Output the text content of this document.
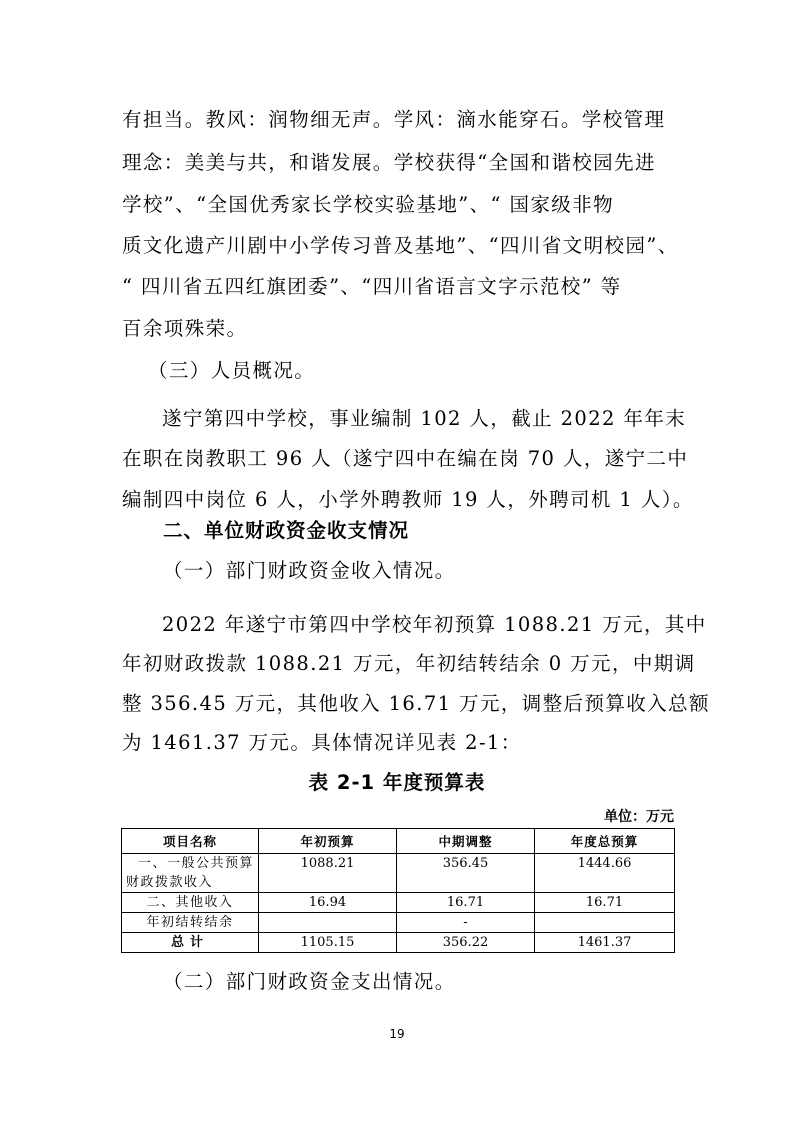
有担当。教风：润物细无声。学风：滴水能穿石。学校管理
理念：美美与共，和谐发展。学校获得“全国和谐校园先进
学校”、“全国优秀家长学校实验基地”、“ 国家级非物
质文化遗产川剧中小学传习普及基地”、“四川省文明校园”、
“ 四川省五四红旗团委”、“四川省语言文字示范校” 等
百余项殊荣。
（三）人员概况。
遂宁第四中学校，事业编制 102 人，截止 2022 年年末
在职在岗教职工 96 人（遂宁四中在编在岗 70 人，遂宁二中
编制四中岗位 6 人，小学外聘教师 19 人，外聘司机 1 人）。
二、单位财政资金收支情况
（一）部门财政资金收入情况。
2022 年遂宁市第四中学校年初预算 1088.21 万元，其中
年初财政拨款 1088.21 万元，年初结转结余 0 万元，中期调
整 356.45 万元，其他收入 16.71 万元，调整后预算收入总额
为 1461.37 万元。具体情况详见表 2-1：
表 2-1 年度预算表
单位：万元
项目名称	年初预算	中期调整	年度总预算

一、一般公共预算
财政拨款收入	1088.21	356.45	1444.66
二、其他收入	16.94	16.71	16.71
年初结转结余		-	
总计	1105.15	356.22	1461.37
（二）部门财政资金支出情况。
19
